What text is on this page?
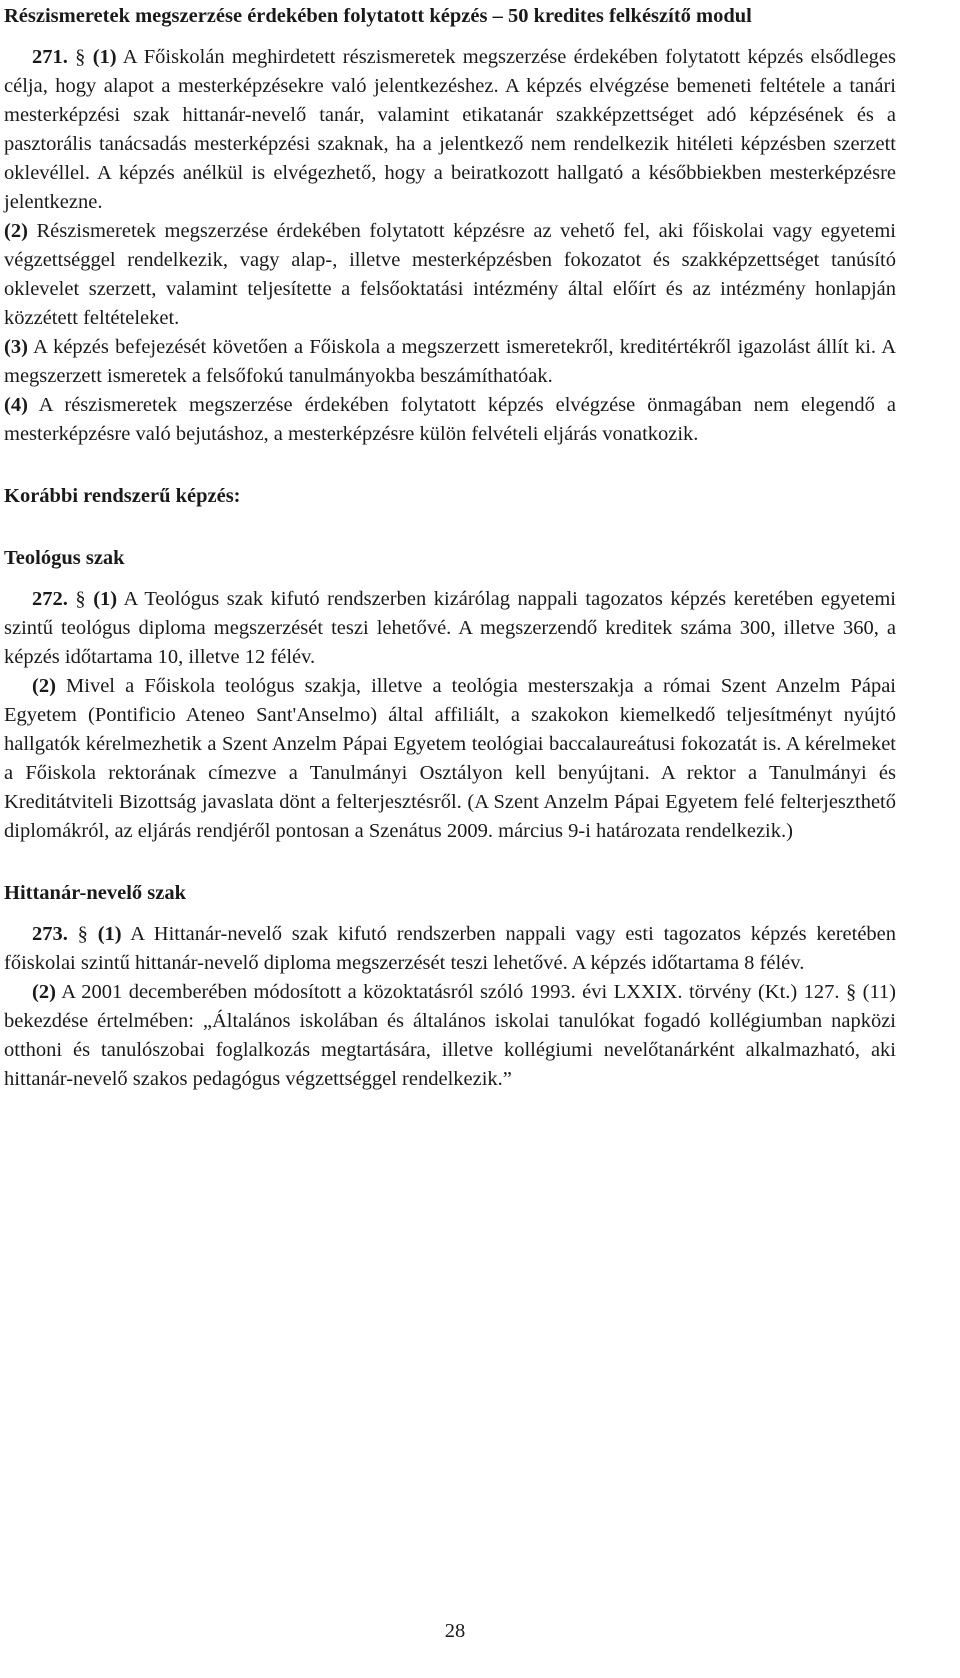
Részismeretek megszerzése érdekében folytatott képzés – 50 kredites felkészítő modul

271. § (1) A Főiskolán meghirdetett részismeretek megszerzése érdekében folytatott képzés elsődleges célja, hogy alapot a mesterképzésekre való jelentkezéshez. A képzés elvégzése bemeneti feltétele a tanári mesterképzési szak hittanár-nevelő tanár, valamint etikatanár szakképzettséget adó képzésének és a pasztorális tanácsadás mesterképzési szaknak, ha a jelentkező nem rendelkezik hitéleti képzésben szerzett oklevéllel. A képzés anélkül is elvégezhető, hogy a beiratkozott hallgató a későbbiekben mesterképzésre jelentkezne.

(2) Részismeretek megszerzése érdekében folytatott képzésre az vehető fel, aki főiskolai vagy egyetemi végzettséggel rendelkezik, vagy alap-, illetve mesterképzésben fokozatot és szakképzettséget tanúsító oklevelet szerzett, valamint teljesítette a felsőoktatási intézmény által előírt és az intézmény honlapján közzétett feltételeket.

(3) A képzés befejezését követően a Főiskola a megszerzett ismeretekről, kreditértékről igazolást állít ki. A megszerzett ismeretek a felsőfokú tanulmányokba beszámíthatóak.

(4) A részismeretek megszerzése érdekében folytatott képzés elvégzése önmagában nem elegendő a mesterképzésre való bejutáshoz, a mesterképzésre külön felvételi eljárás vonatkozik.

Korábbi rendszerű képzés:

Teológus szak

272. § (1) A Teológus szak kifutó rendszerben kizárólag nappali tagozatos képzés keretében egyetemi szintű teológus diploma megszerzését teszi lehetővé. A megszerzendő kreditek száma 300, illetve 360, a képzés időtartama 10, illetve 12 félév.

(2) Mivel a Főiskola teológus szakja, illetve a teológia mesterszakja a római Szent Anzelm Pápai Egyetem (Pontificio Ateneo Sant'Anselmo) által affiliált, a szakokon kiemelkedő teljesítményt nyújtó hallgatók kérelmezhetik a Szent Anzelm Pápai Egyetem teológiai baccalaureátusi fokozatát is. A kérelmeket a Főiskola rektorának címezve a Tanulmányi Osztályon kell benyújtani. A rektor a Tanulmányi és Kreditátviteli Bizottság javaslata dönt a felterjesztésről. (A Szent Anzelm Pápai Egyetem felé felterjeszthető diplomákról, az eljárás rendjéről pontosan a Szenátus 2009. március 9-i határozata rendelkezik.)

Hittanár-nevelő szak

273. § (1) A Hittanár-nevelő szak kifutó rendszerben nappali vagy esti tagozatos képzés keretében főiskolai szintű hittanár-nevelő diploma megszerzését teszi lehetővé. A képzés időtartama 8 félév.

(2) A 2001 decemberében módosított a közoktatásról szóló 1993. évi LXXIX. törvény (Kt.) 127. § (11) bekezdése értelmében: „Általános iskolában és általános iskolai tanulókat fogadó kollégiumban napközi otthoni és tanulószobai foglalkozás megtartására, illetve kollégiumi nevelőtanárként alkalmazható, aki hittanár-nevelő szakos pedagógus végzettséggel rendelkezik.”

28
